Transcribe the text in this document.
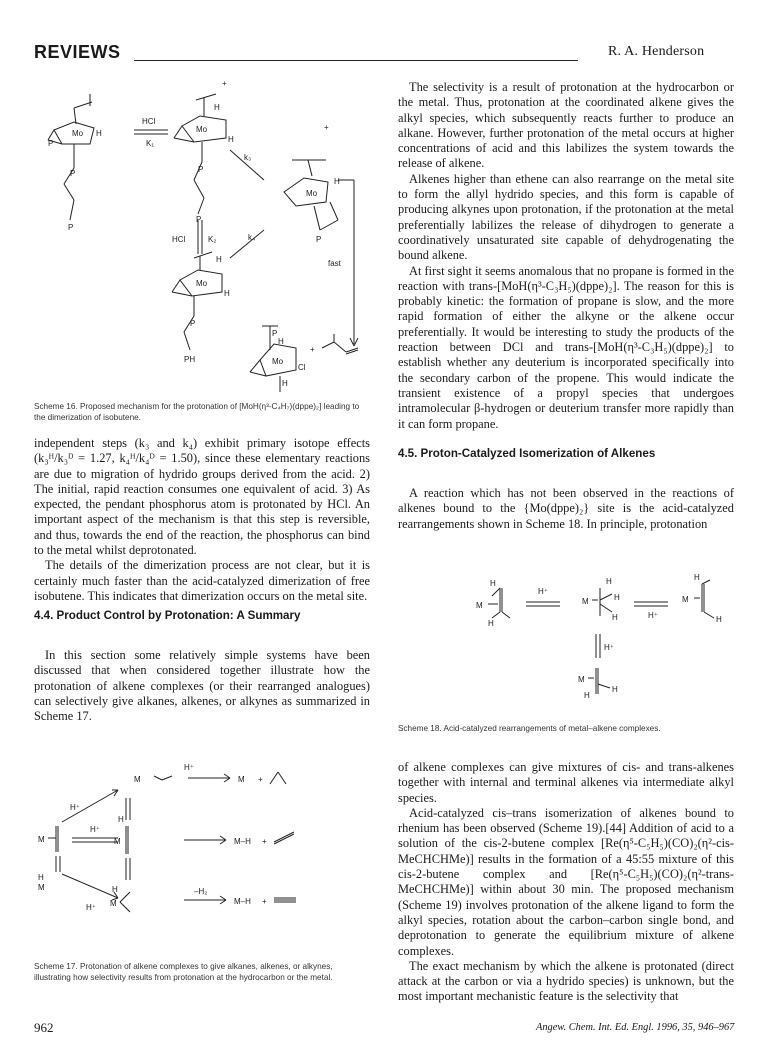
REVIEWS	R. A. Henderson
Mo H
P
P
P
HCl
K₁
Mo
H
H
+
P
P
HCl	K₂
Mo
H
H
P
PH
k₃
k₄
Mo
H
+
P
fast
P
H
Mo
Cl
H
+

Scheme 16. Proposed mechanism for the protonation of [MoH(η³-C₄H₇)(dppe)₂] leading to the dimerization of isobutene.

independent steps (k₃ and k₄) exhibit primary isotope effects (k₃ᴴ/k₃ᴰ = 1.27, k₄ᴴ/k₄ᴰ = 1.50), since these elementary reactions are due to migration of hydrido groups derived from the acid. 2) The initial, rapid reaction consumes one equivalent of acid. 3) As expected, the pendant phosphorus atom is protonated by HCl. An important aspect of the mechanism is that this step is reversible, and thus, towards the end of the reaction, the phosphorus can bind to the metal whilst deprotonated.

The details of the dimerization process are not clear, but it is certainly much faster than the acid-catalyzed dimerization of free isobutene. This indicates that dimerization occurs on the metal site.

4.4. Product Control by Protonation: A Summary

In this section some relatively simple systems have been discussed that when considered together illustrate how the protonation of alkene complexes (or their rearranged analogues) can selectively give alkanes, alkenes, or alkynes as summarized in Scheme 17.

M
H⁺
M +
H⁺
M
H⁺
H
M	M–H +
H
M
H⁺
H
M
–H₂
M–H +

Scheme 17. Protonation of alkene complexes to give alkanes, alkenes, or alkynes, illustrating how selectivity results from protonation at the hydrocarbon or the metal.

The selectivity is a result of protonation at the hydrocarbon or the metal. Thus, protonation at the coordinated alkene gives the alkyl species, which subsequently reacts further to produce an alkane. However, further protonation of the metal occurs at higher concentrations of acid and this labilizes the system towards the release of alkene.

Alkenes higher than ethene can also rearrange on the metal site to form the allyl hydrido species, and this form is capable of producing alkynes upon protonation, if the protonation at the metal preferentially labilizes the release of dihydrogen to generate a coordinatively unsaturated site capable of dehydrogenating the bound alkene.

At first sight it seems anomalous that no propane is formed in the reaction with trans-[MoH(η³-C₃H₅)(dppe)₂]. The reason for this is probably kinetic: the formation of propane is slow, and the more rapid formation of either the alkyne or the alkene occur preferentially. It would be interesting to study the products of the reaction between DCl and trans-[MoH(η³-C₃H₅)(dppe)₂] to establish whether any deuterium is incorporated specifically into the secondary carbon of the propene. This would indicate the transient existence of a propyl species that undergoes intramolecular β-hydrogen or deuterium transfer more rapidly than it can form propane.

4.5. Proton-Catalyzed Isomerization of Alkenes

A reaction which has not been observed in the reactions of alkenes bound to the {Mo(dppe)₂} site is the acid-catalyzed rearrangements shown in Scheme 18. In principle, protonation

H
M
H
H⁺
H
M	H
H	H⁺
H
M
H
H⁺
M
H
H

Scheme 18. Acid-catalyzed rearrangements of metal–alkene complexes.

of alkene complexes can give mixtures of cis- and trans-alkenes together with internal and terminal alkenes via intermediate alkyl species.

Acid-catalyzed cis–trans isomerization of alkenes bound to rhenium has been observed (Scheme 19).[44] Addition of acid to a solution of the cis-2-butene complex [Re(η⁵-C₅H₅)(CO)₂(η²-cis-MeCHCHMe)] results in the formation of a 45:55 mixture of this cis-2-butene complex and [Re(η⁵-C₅H₅)(CO)₂(η²-trans-MeCHCHMe)] within about 30 min. The proposed mechanism (Scheme 19) involves protonation of the alkene ligand to form the alkyl species, rotation about the carbon–carbon single bond, and deprotonation to generate the equilibrium mixture of alkene complexes.

The exact mechanism by which the alkene is protonated (direct attack at the carbon or via a hydrido species) is unknown, but the most important mechanistic feature is the selectivity that

962	Angew. Chem. Int. Ed. Engl. 1996, 35, 946–967
